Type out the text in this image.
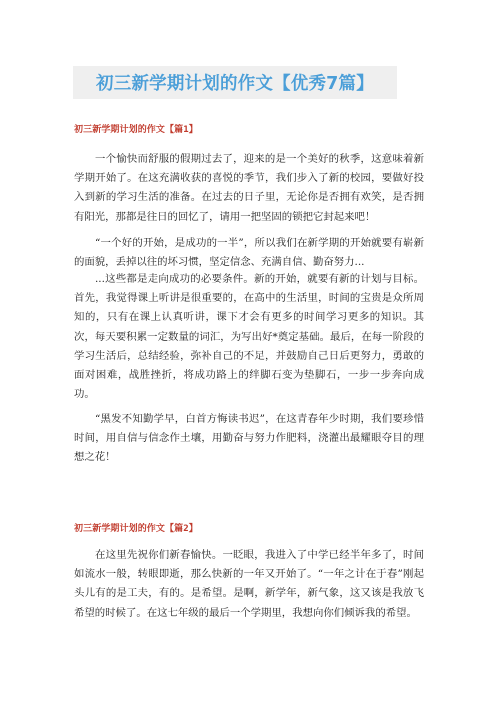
初三新学期计划的作文【优秀7篇】
初三新学期计划的作文【篇1】

一个愉快而舒服的假期过去了，迎来的是一个美好的秋季，这意味着新学期开始了。在这充满收获的喜悦的季节，我们步入了新的校园，要做好投入到新的学习生活的准备。在过去的日子里，无论你是否拥有欢笑，是否拥有阳光，那都是往日的回忆了，请用一把坚固的锁把它封起来吧！

“一个好的开始，是成功的一半”，所以我们在新学期的开始就要有崭新的面貌，丢掉以往的坏习惯，坚定信念、充满自信、勤奋努力...

...这些都是走向成功的必要条件。新的开始，就要有新的计划与目标。首先，我觉得课上听讲是很重要的，在高中的生活里，时间的宝贵是众所周知的，只有在课上认真听讲，课下才会有更多的时间学习更多的知识。其次，每天要积累一定数量的词汇，为写出好*奠定基础。最后，在每一阶段的学习生活后，总结经验，弥补自己的不足，并鼓励自己日后更努力，勇敢的面对困难，战胜挫折，将成功路上的绊脚石变为垫脚石，一步一步奔向成功。

“黑发不知勤学早，白首方悔读书迟”，在这青春年少时期，我们要珍惜时间，用自信与信念作土壤，用勤奋与努力作肥料，浇灌出最耀眼夺目的理想之花！

初三新学期计划的作文【篇2】

在这里先祝你们新春愉快。一眨眼，我进入了中学已经半年多了，时间如流水一般，转眼即逝，那么快新的一年又开始了。“一年之计在于春”刚起头儿有的是工夫，有的。是希望。是啊，新学年，新气象，这又该是我放飞希望的时候了。在这七年级的最后一个学期里，我想向你们倾诉我的希望。
